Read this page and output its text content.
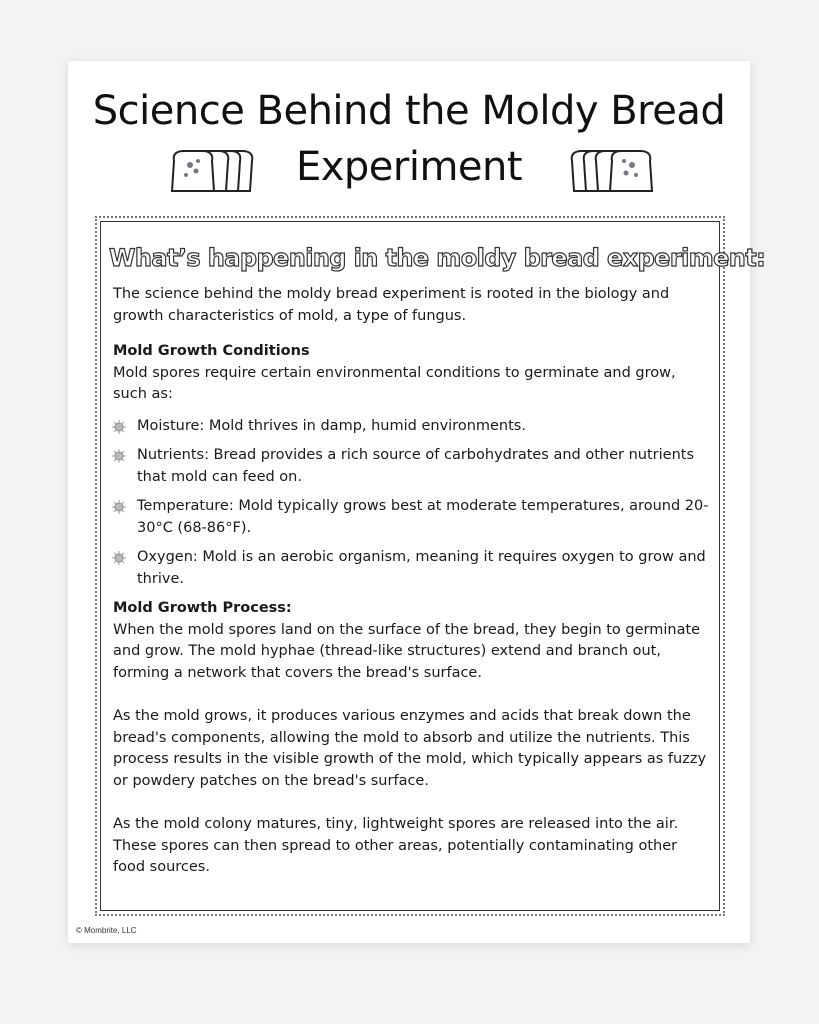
Science Behind the Moldy Bread
Experiment
What’s happening in the moldy bread experiment:

The science behind the moldy bread experiment is rooted in the biology and growth characteristics of mold, a type of fungus.

Mold Growth Conditions

Mold spores require certain environmental conditions to germinate and grow, such as:

Moisture: Mold thrives in damp, humid environments.
Nutrients: Bread provides a rich source of carbohydrates and other nutrients that mold can feed on.
Temperature: Mold typically grows best at moderate temperatures, around 20-30°C (68-86°F).
Oxygen: Mold is an aerobic organism, meaning it requires oxygen to grow and thrive.

Mold Growth Process:

When the mold spores land on the surface of the bread, they begin to germinate and grow. The mold hyphae (thread-like structures) extend and branch out, forming a network that covers the bread's surface.

As the mold grows, it produces various enzymes and acids that break down the bread's components, allowing the mold to absorb and utilize the nutrients. This process results in the visible growth of the mold, which typically appears as fuzzy or powdery patches on the bread's surface.

As the mold colony matures, tiny, lightweight spores are released into the air. These spores can then spread to other areas, potentially contaminating other food sources.

© Mombrite, LLC
